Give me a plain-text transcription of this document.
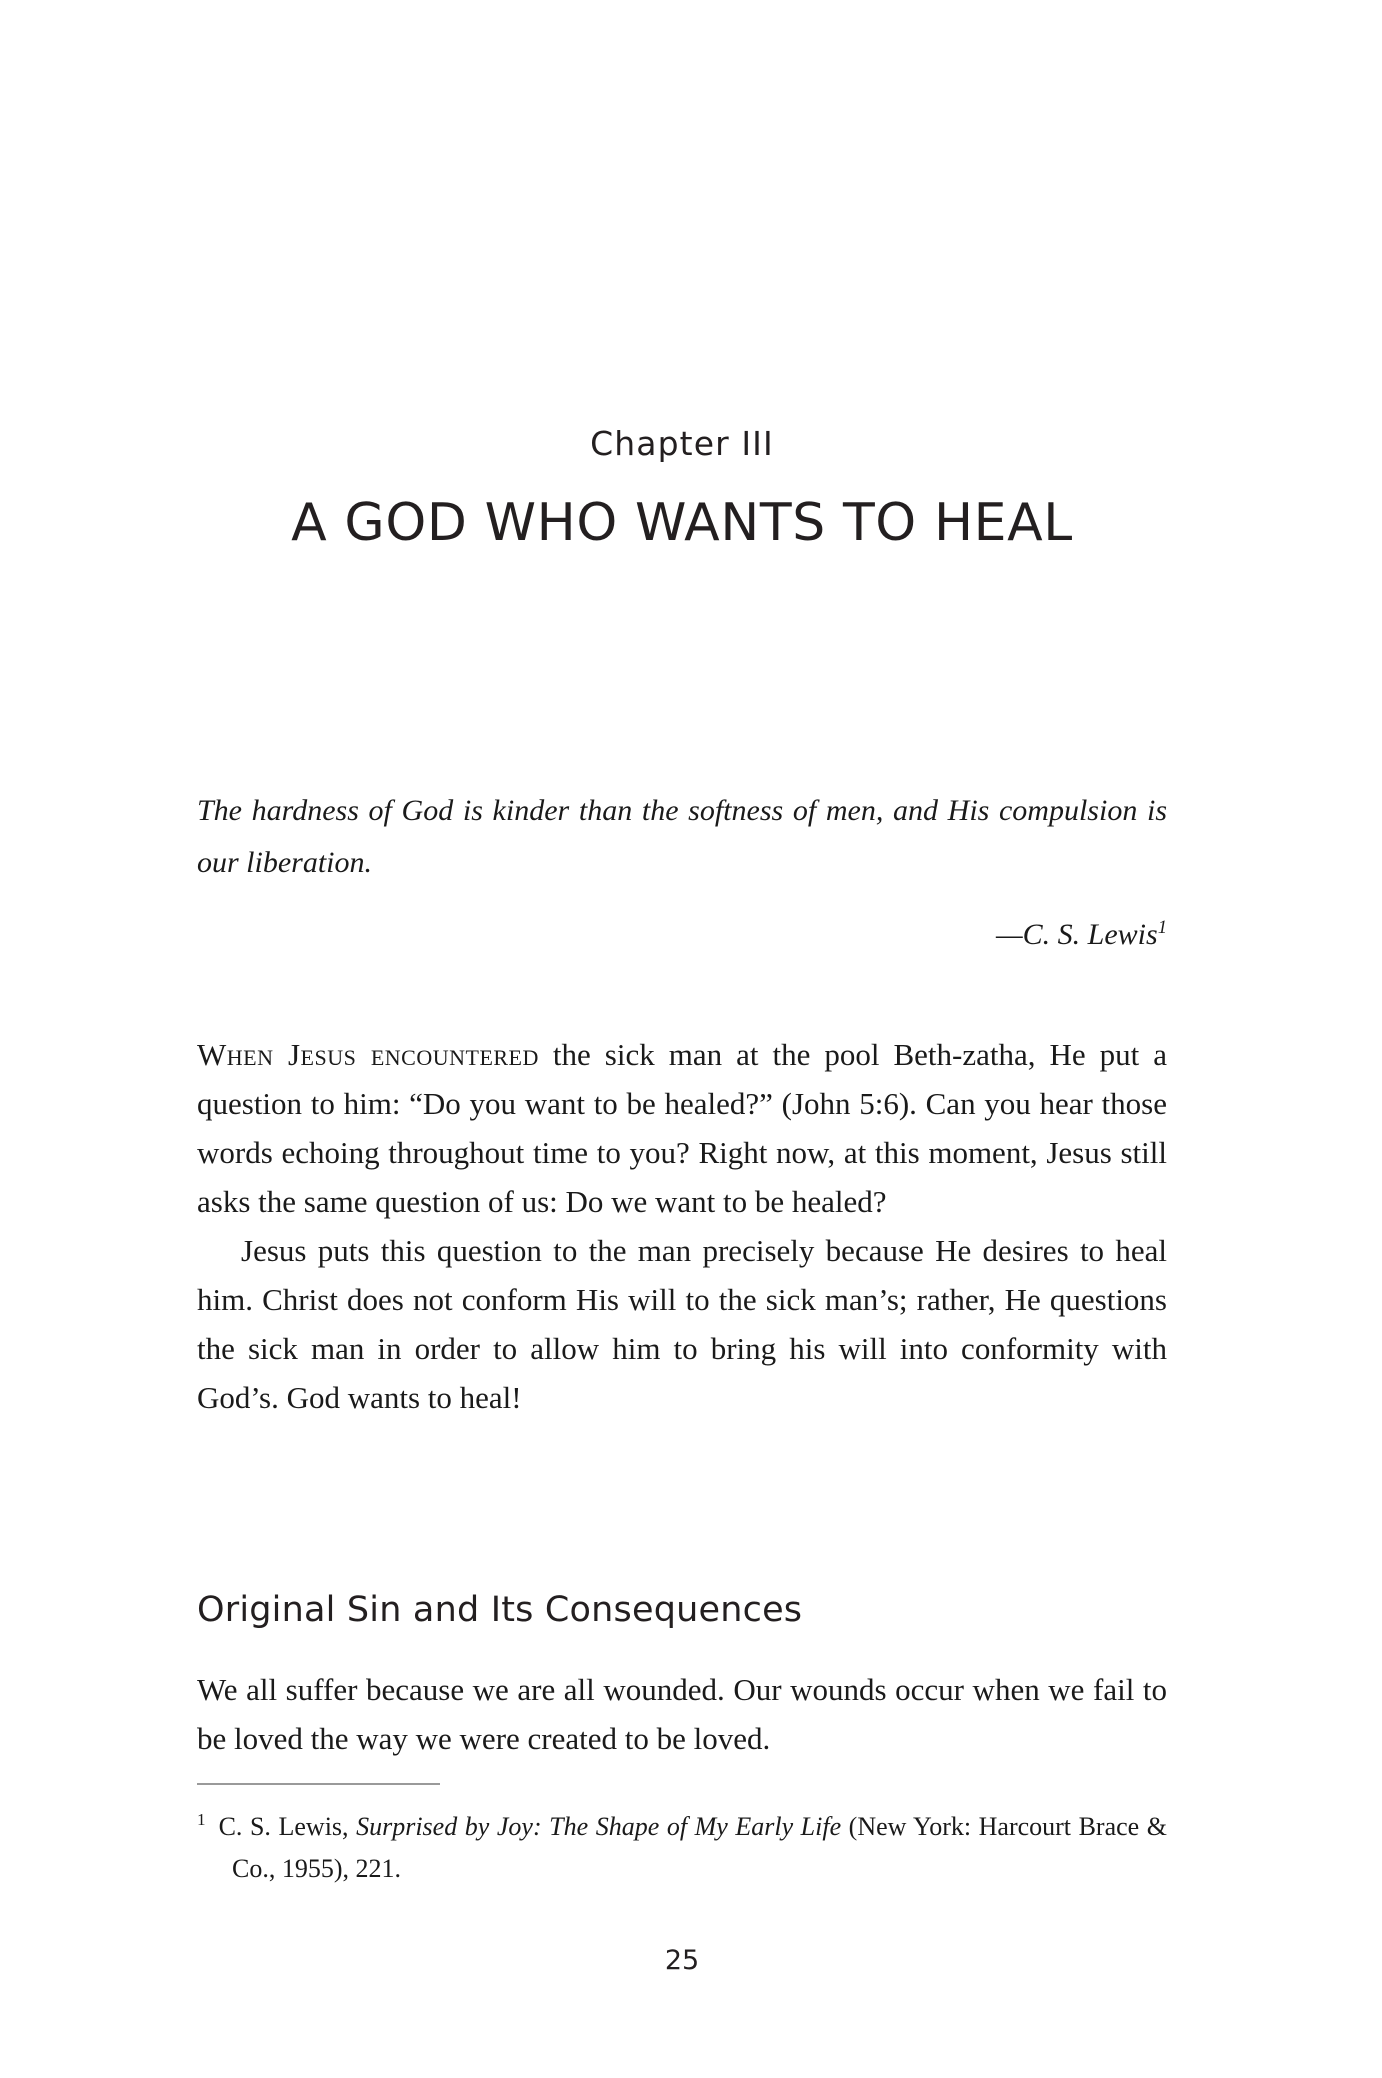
Chapter III

A GOD WHO WANTS TO HEAL

The hardness of God is kinder than the softness of men, and His compulsion is our liberation.

—C. S. Lewis$^1$

When Jesus encountered the sick man at the pool Beth-zatha, He put a question to him: “Do you want to be healed?” (John 5:6). Can you hear those words echoing throughout time to you? Right now, at this moment, Jesus still asks the same question of us: Do we want to be healed?

Jesus puts this question to the man precisely because He desires to heal him. Christ does not conform His will to the sick man’s; rather, He questions the sick man in order to allow him to bring his will into conformity with God’s. God wants to heal!

Original Sin and Its Consequences

We all suffer because we are all wounded. Our wounds occur when we fail to be loved the way we were created to be loved.

$^1$ C. S. Lewis, Surprised by Joy: The Shape of My Early Life (New York: Harcourt Brace & Co., 1955), 221.

25
